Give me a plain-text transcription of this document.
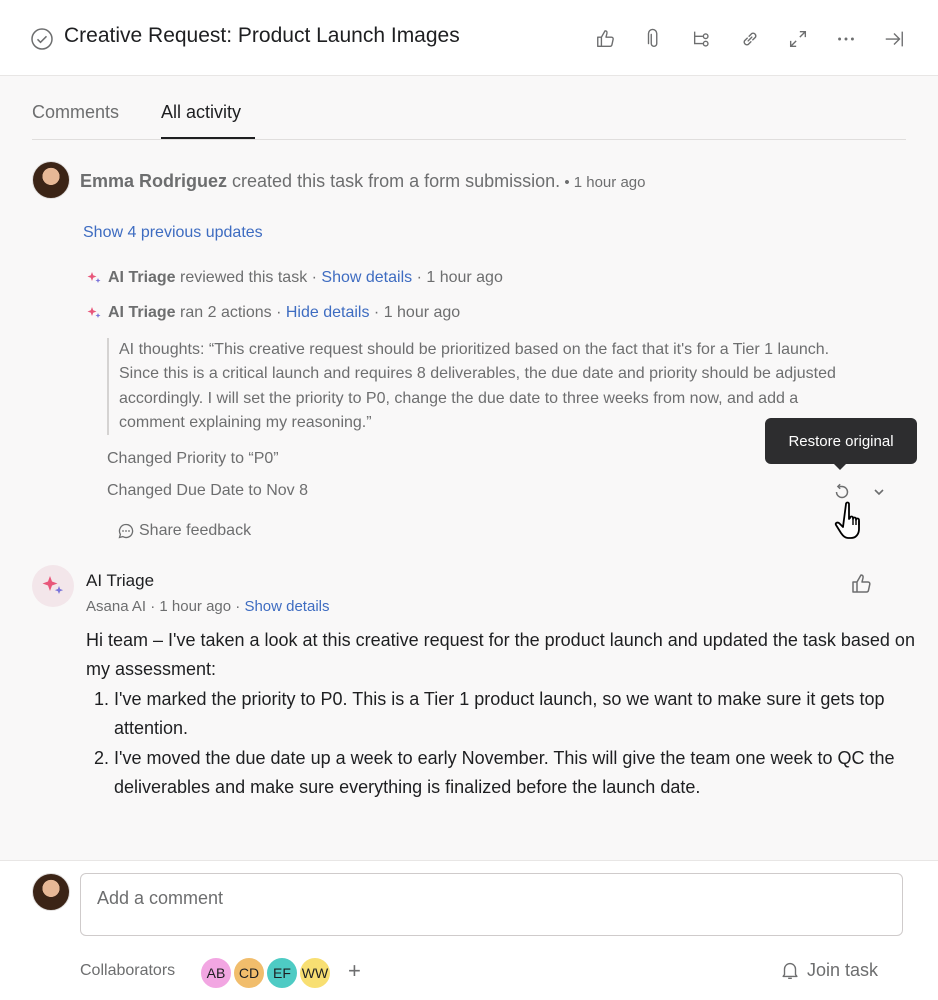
Creative Request: Product Launch Images
Comments All activity
Emma Rodriguez created this task from a form submission. • 1 hour ago
Show 4 previous updates
AI Triage reviewed this task · Show details · 1 hour ago
AI Triage ran 2 actions · Hide details · 1 hour ago
AI thoughts: “This creative request should be prioritized based on the fact that it's for a Tier 1 launch. Since this is a critical launch and requires 8 deliverables, the due date and priority should be adjusted accordingly. I will set the priority to P0, change the due date to three weeks from now, and add a comment explaining my reasoning.”
Changed Priority to “P0”
Changed Due Date to Nov 8
Restore original
Share feedback
AI Triage
Asana AI · 1 hour ago · Show details
Hi team – I've taken a look at this creative request for the product launch and updated the task based on my assessment:
1. I've marked the priority to P0. This is a Tier 1 product launch, so we want to make sure it gets top attention.
2. I've moved the due date up a week to early November. This will give the team one week to QC the deliverables and make sure everything is finalized before the launch date.
Add a comment
Collaborators	AB CD EF WW +	Join task
